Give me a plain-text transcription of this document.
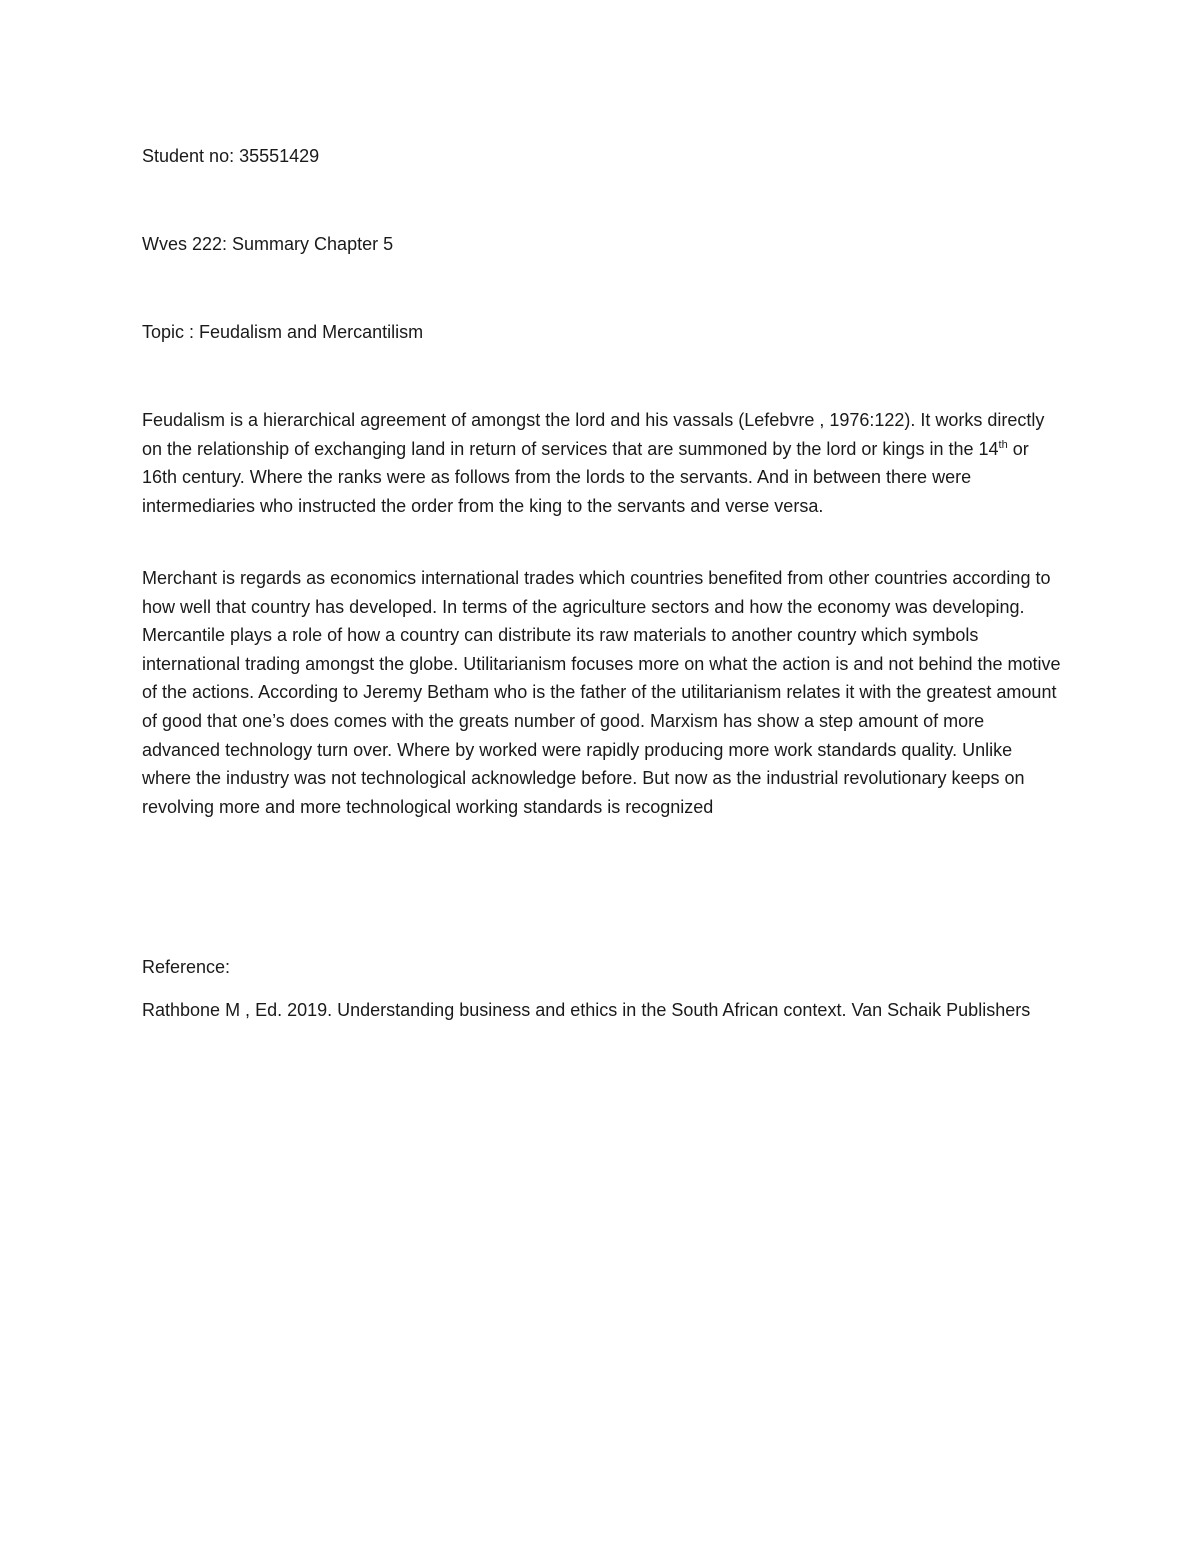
Student no: 35551429

Wves 222: Summary Chapter 5

Topic : Feudalism and Mercantilism

Feudalism is a hierarchical agreement of amongst the lord and his vassals (Lefebvre , 1976:122). It works directly on the relationship of exchanging land in return of services that are summoned by the lord or kings in the 14th or 16th century. Where the ranks were as follows from the lords to the servants. And in between there were intermediaries who instructed the order from the king to the servants and verse versa.

Merchant is regards as economics international trades which countries benefited from other countries according to how well that country has developed. In terms of the agriculture sectors and how the economy was developing. Mercantile plays a role of how a country can distribute its raw materials to another country which symbols international trading amongst the globe. Utilitarianism focuses more on what the action is and not behind the motive of the actions. According to Jeremy Betham who is the father of the utilitarianism relates it with the greatest amount of good that one’s does comes with the greats number of good. Marxism has show a step amount of more advanced technology turn over. Where by worked were rapidly producing more work standards quality. Unlike where the industry was not technological acknowledge before. But now as the industrial revolutionary keeps on revolving more and more technological working standards is recognized

Reference:

Rathbone M , Ed. 2019. Understanding business and ethics in the South African context. Van Schaik Publishers
